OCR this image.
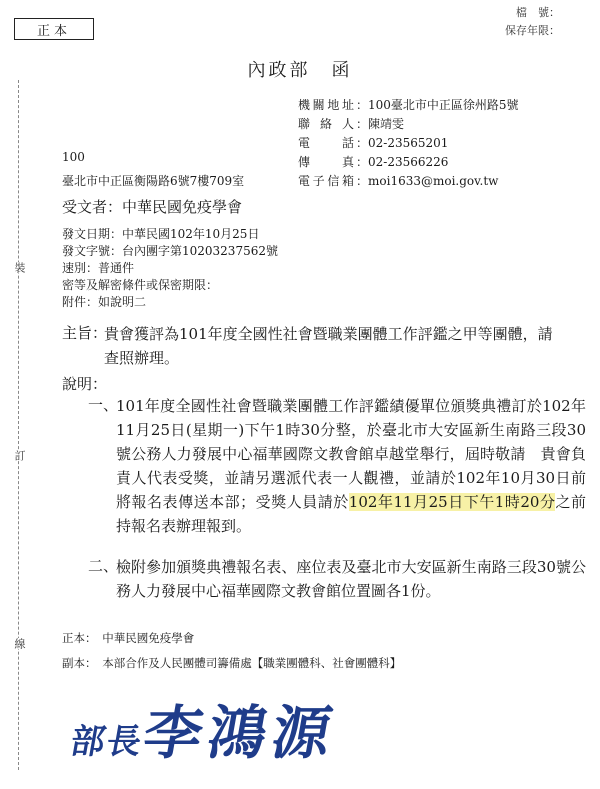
裝
訂
線
正本
檔　號：
保存年限：
內政部　函
機關地址 ：100臺北市中正區徐州路5號
聯絡人 ：陳靖雯
電話 ：02-23565201
傳真 ：02-23566226
電子信箱 ：moi1633@moi.gov.tw
100
臺北市中正區衡陽路6號7樓709室
受文者：中華民國免疫學會
發文日期：中華民國102年10月25日
發文字號：台內團字第10203237562號
速別：普通件
密等及解密條件或保密期限：
附件：如說明二
主旨：
貴會獲評為101年度全國性社會暨職業團體工作評鑑之甲等團體，請　查照辦理。
說明：
一、
101年度全國性社會暨職業團體工作評鑑績優單位頒獎典禮訂於102年11月25日(星期一)下午1時30分整，於臺北市大安區新生南路三段30號公務人力發展中心福華國際文教會館卓越堂舉行，屆時敬請　貴會負責人代表受獎，並請另選派代表一人觀禮，並請於102年10月30日前將報名表傳送本部；受獎人員請於102年11月25日下午1時20分之前持報名表辦理報到。
二、
檢附參加頒獎典禮報名表、座位表及臺北市大安區新生南路三段30號公務人力發展中心福華國際文教會館位置圖各1份。
正本：　中華民國免疫學會
副本：　本部合作及人民團體司籌備處【職業團體科、社會團體科】
部長李鴻源
